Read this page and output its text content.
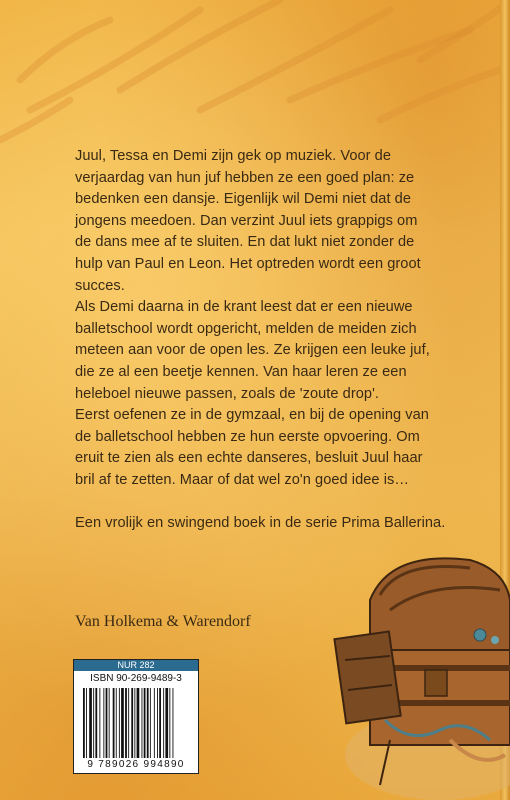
Juul, Tessa en Demi zijn gek op muziek. Voor de
verjaardag van hun juf hebben ze een goed plan: ze
bedenken een dansje. Eigenlijk wil Demi niet dat de
jongens meedoen. Dan verzint Juul iets grappigs om
de dans mee af te sluiten. En dat lukt niet zonder de
hulp van Paul en Leon. Het optreden wordt een groot
succes.
Als Demi daarna in de krant leest dat er een nieuwe
balletschool wordt opgericht, melden de meiden zich
meteen aan voor de open les. Ze krijgen een leuke juf,
die ze al een beetje kennen. Van haar leren ze een
heleboel nieuwe passen, zoals de 'zoute drop'.
Eerst oefenen ze in de gymzaal, en bij de opening van
de balletschool hebben ze hun eerste opvoering. Om
eruit te zien als een echte danseres, besluit Juul haar
bril af te zetten. Maar of dat wel zo'n goed idee is…
Een vrolijk en swingend boek in de serie Prima Ballerina.
Van Holkema & Warendorf
NUR 282
ISBN 90-269-9489-3
9 789026 994890
